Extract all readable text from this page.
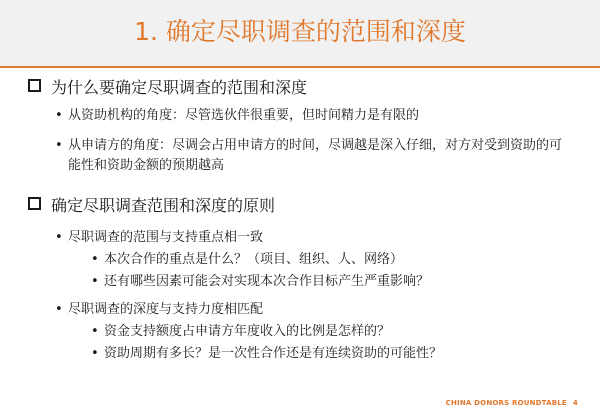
1. 确定尽职调查的范围和深度
为什么要确定尽职调查的范围和深度
• 从资助机构的角度：尽管选伙伴很重要，但时间精力是有限的
• 从申请方的角度：尽调会占用申请方的时间，尽调越是深入仔细，对方对受到资助的可能性和资助金额的预期越高
确定尽职调查范围和深度的原则
• 尽职调查的范围与支持重点相一致
• 本次合作的重点是什么？（项目、组织、人、网络）
• 还有哪些因素可能会对实现本次合作目标产生严重影响？
• 尽职调查的深度与支持力度相匹配
• 资金支持额度占申请方年度收入的比例是怎样的？
• 资助周期有多长？是一次性合作还是有连续资助的可能性？
CHINA DONORS ROUNDTABLE 4
